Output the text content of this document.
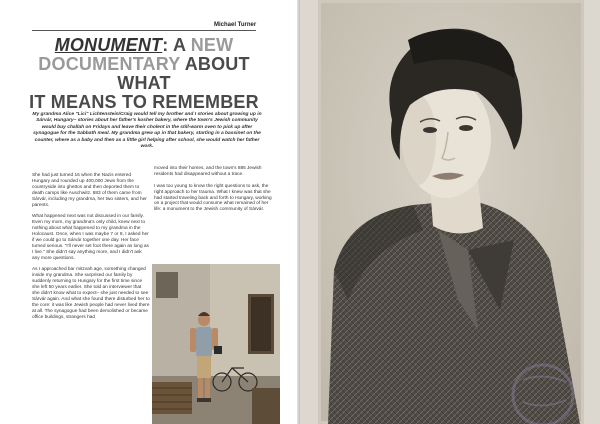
Michael Turner
MONUMENT: A NEW
DOCUMENTARY ABOUT WHAT
IT MEANS TO REMEMBER

My grandma Alice "Lici" Lichtenstein/Craig would tell my brother and I stories about growing up in Sárvár, Hungary– stories about her father's kosher bakery, where the town's Jewish community would buy challah on Fridays and leave their cholent in the still-warm oven to pick up after synagogue for the Sabbath meal. My grandma grew up in that bakery, starting in a bassinet on the counter, where as a baby and then as a little girl helping after school, she would watch her father work.

She had just turned 16 when the Nazis entered Hungary and rounded up 400,000 Jews from the countryside into ghettos and then deported them to death camps like Auschwitz. 883 of them came from Sárvár, including my grandma, her two sisters, and her parents.

What happened next was not discussed in our family. Even my mom, my grandma's only child, knew next to nothing about what happened to my grandma in the Holocaust. Once, when I was maybe 7 or 8, I asked her if we could go to Sárvár together one day. Her face turned serious. "I'll never set foot there again as long as I live." She didn't say anything more, and I didn't ask any more questions.

As I approached bar mitzvah age, something changed inside my grandma. She surprised our family by suddenly returning to Hungary for the first time since she left 50 years earlier. She told an interviewer that she didn't know what to expect– she just needed to see Sárvár again. And what she found there disturbed her to the core: it was like Jewish people had never lived there at all. The synagogue had been demolished or became office buildings, strangers had

moved into their homes, and the town's 885 Jewish residents had disappeared without a trace.

I was too young to know the right questions to ask, the right approach to her trauma. What I knew was that she had started traveling back and forth to Hungary, working on a project that would consume what remained of her life: a monument to the Jewish community of Sárvár.
